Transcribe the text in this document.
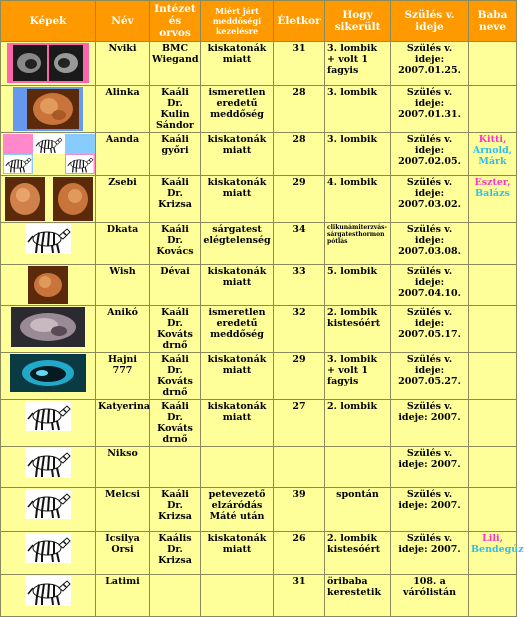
Képek	Név	Intézet és orvos	Miért járt meddőségi kezelésre	Életkor	Hogy sikerült	Szülés v. ideje	Baba neve

	Nviki	BMC Wiegand	kiskatonák miatt	31	3. lombik + volt 1 fagyis	Szülés v. ideje: 2007.01.25.	

	Alinka	Kaáli Dr. Kulin Sándor	ismeretlen eredetű meddőség	28	3. lombik	Szülés v. ideje: 2007.01.31.	

	Aanda	Kaáli győri	kiskatonák miatt	28	3. lombik	Szülés v. ideje: 2007.02.05.	Kitti,
Arnold,
Márk

	Zsebi	Kaáli Dr. Krizsa	kiskatonák miatt	29	4. lombik	Szülés v. ideje: 2007.03.02.	Eszter,
Balázs

	Dkata	Kaáli Dr. Kovács	sárgatest elégtelenség	34	clikunámiterzvás-sárgatesthormon pótlás	Szülés v. ideje: 2007.03.08.	

	Wish	Dévai	kiskatonák miatt	33	5. lombik	Szülés v. ideje: 2007.04.10.	

	Anikó	Kaáli Dr. Kováts drnő	ismeretlen eredetű meddőség	32	2. lombik kistesóért	Szülés v. ideje: 2007.05.17.	

	Hajni 777	Kaáli Dr. Kováts drnő	kiskatonák miatt	29	3. lombik + volt 1 fagyis	Szülés v. ideje: 2007.05.27.	

	Katyerina	Kaáli Dr. Kováts drnő	kiskatonák miatt	27	2. lombik	Szülés v. ideje: 2007.	

	Nikso					Szülés v. ideje: 2007.	

	Melcsi	Kaáli Dr. Krizsa	petevezető elzáródás Máté után	39	spontán	Szülés v. ideje: 2007.	

	Icsilya Orsi	Kaális Dr. Krizsa	kiskatonák miatt	26	2. lombik kistesóért	Szülés v. ideje: 2007.	Lili,
Bendegúz

	Latimi			31	öribaba kerestetik	108. a várólistán	
